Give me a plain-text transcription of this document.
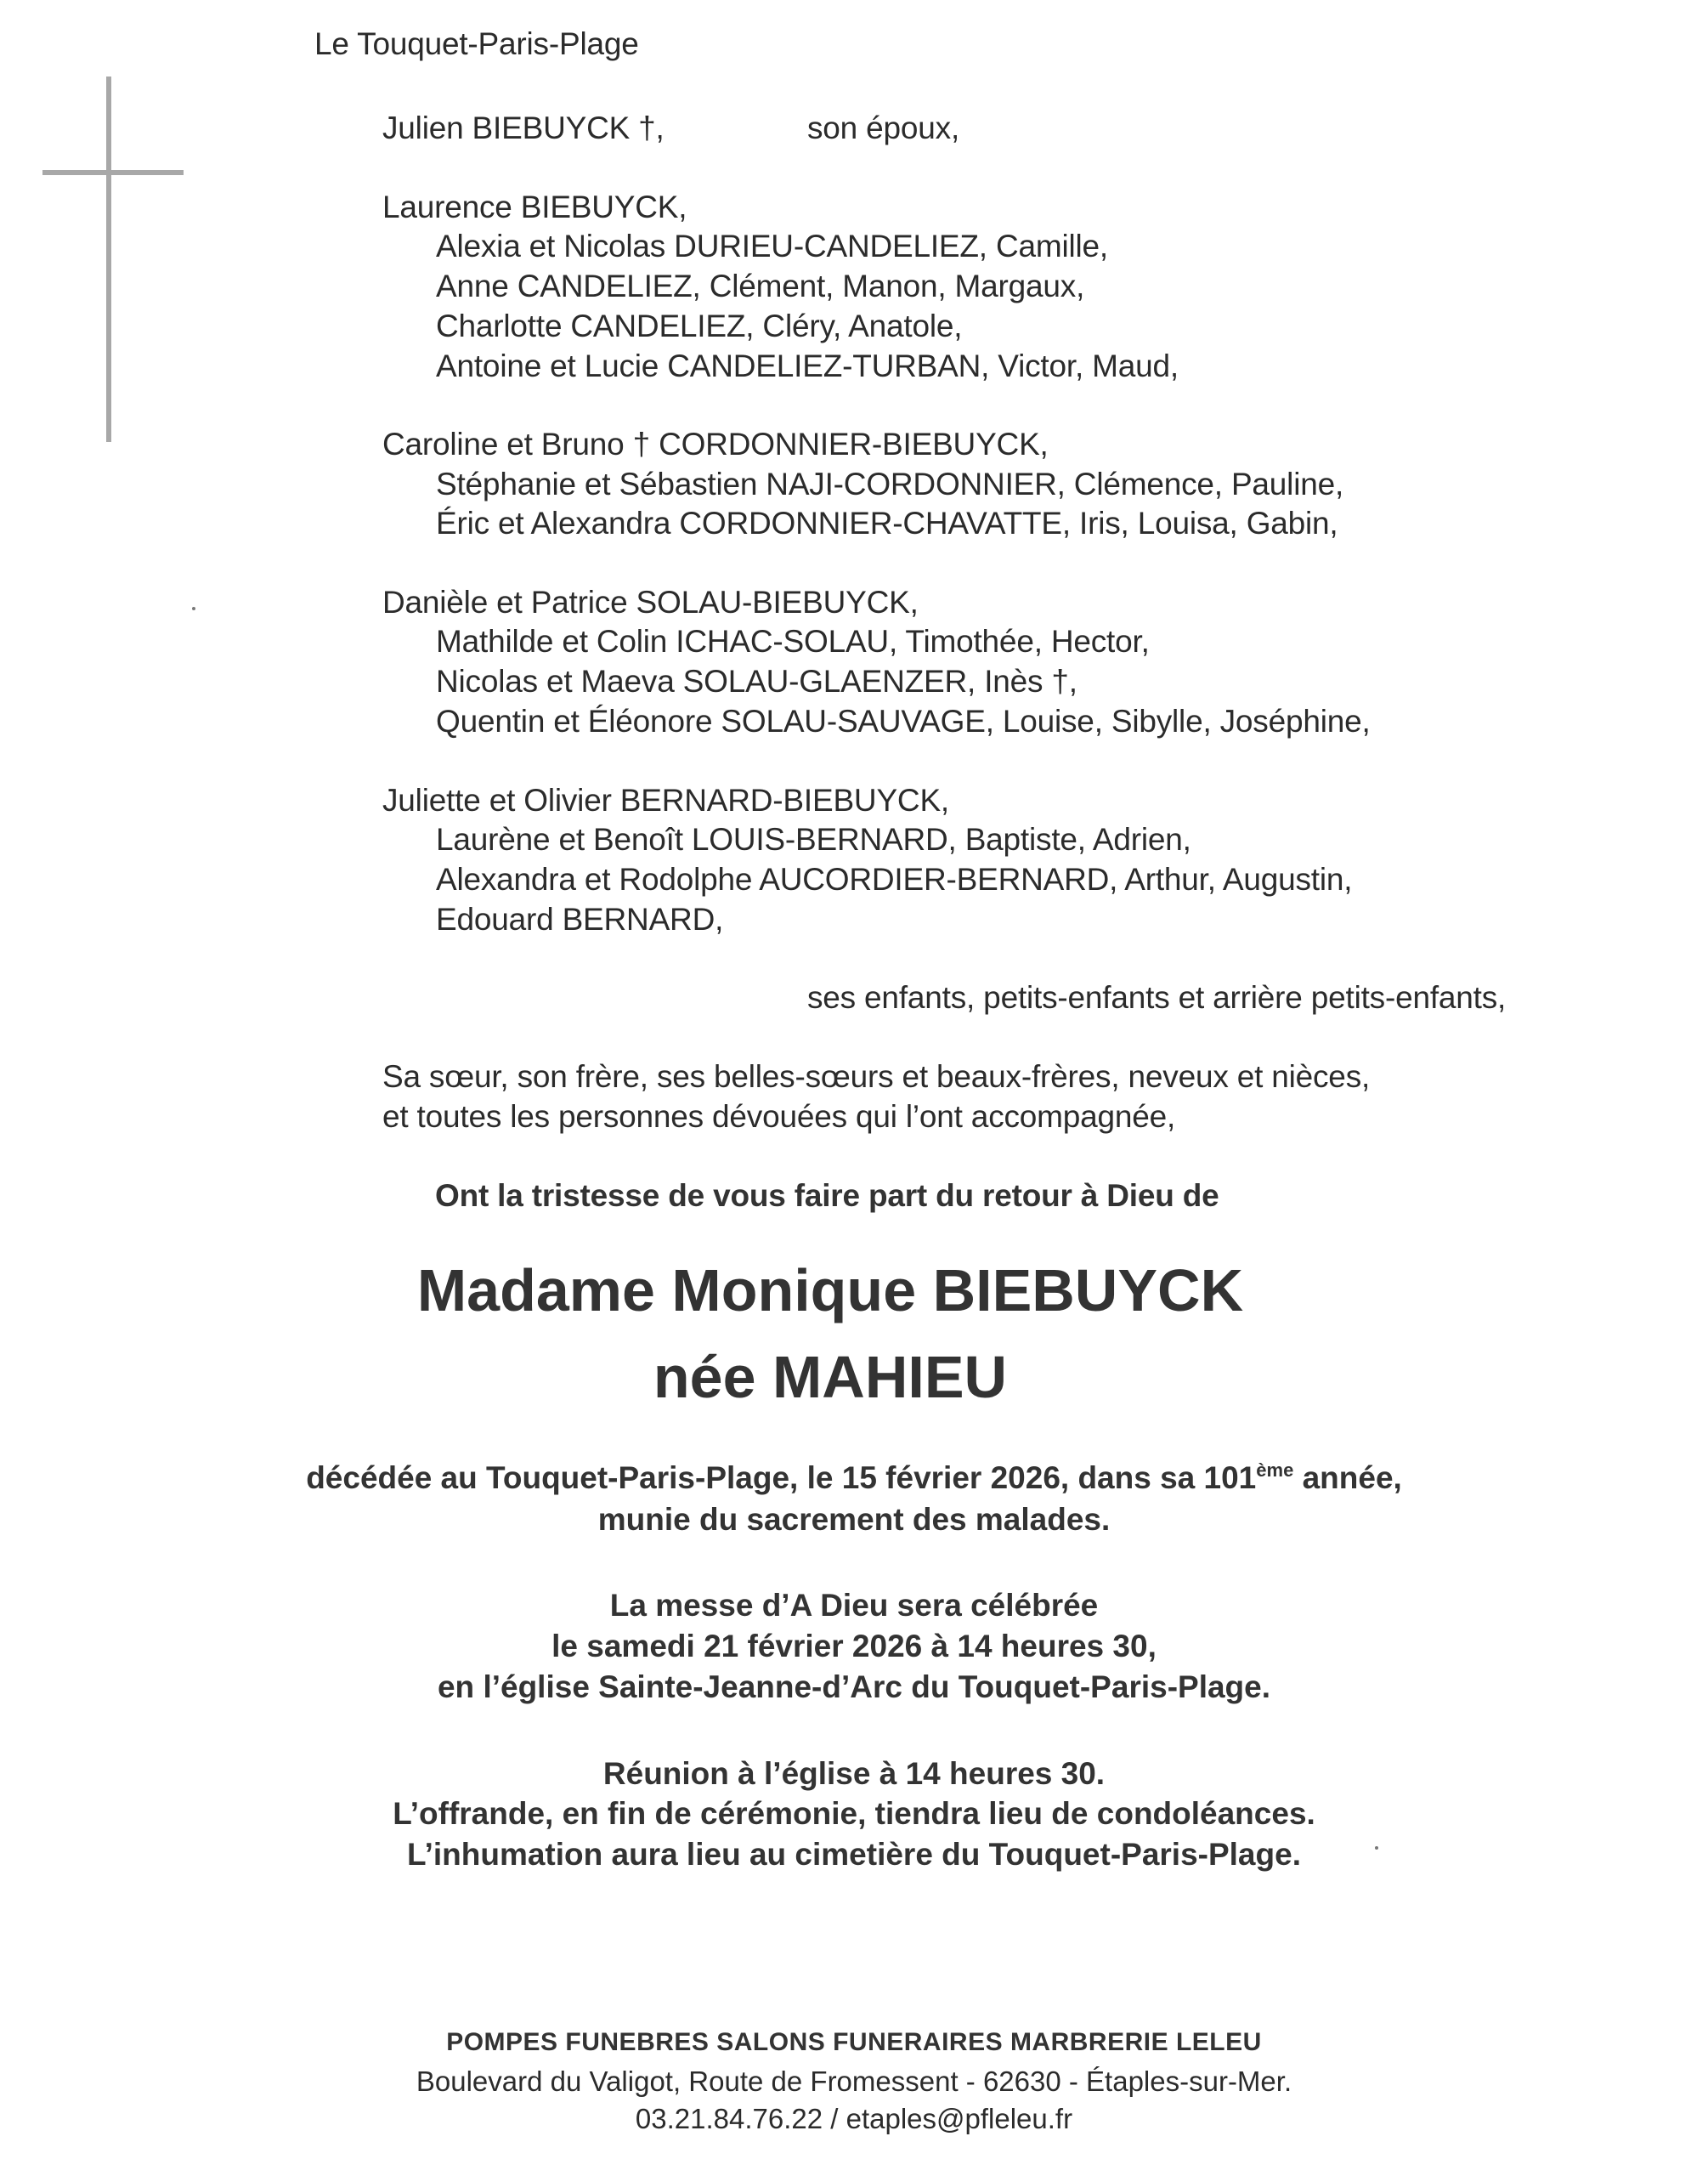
Le Touquet-Paris-Plage
Julien BIEBUYCK †,	son époux,
Laurence BIEBUYCK,
Alexia et Nicolas DURIEU-CANDELIEZ, Camille,
Anne CANDELIEZ, Clément, Manon, Margaux,
Charlotte CANDELIEZ, Cléry, Anatole,
Antoine et Lucie CANDELIEZ-TURBAN, Victor, Maud,
Caroline et Bruno † CORDONNIER-BIEBUYCK,
Stéphanie et Sébastien NAJI-CORDONNIER, Clémence, Pauline,
Éric et Alexandra CORDONNIER-CHAVATTE, Iris, Louisa, Gabin,
Danièle et Patrice SOLAU-BIEBUYCK,
Mathilde et Colin ICHAC-SOLAU, Timothée, Hector,
Nicolas et Maeva SOLAU-GLAENZER, Inès †,
Quentin et Éléonore SOLAU-SAUVAGE, Louise, Sibylle, Joséphine,
Juliette et Olivier BERNARD-BIEBUYCK,
Laurène et Benoît LOUIS-BERNARD, Baptiste, Adrien,
Alexandra et Rodolphe AUCORDIER-BERNARD, Arthur, Augustin,
Edouard BERNARD,
ses enfants, petits-enfants et arrière petits-enfants,
Sa sœur, son frère, ses belles-sœurs et beaux-frères, neveux et nièces,
et toutes les personnes dévouées qui l’ont accompagnée,
Ont la tristesse de vous faire part du retour à Dieu de
Madame Monique BIEBUYCK
née MAHIEU
décédée au Touquet-Paris-Plage, le 15 février 2026, dans sa 101ème année,
munie du sacrement des malades.
La messe d’A Dieu sera célébrée
le samedi 21 février 2026 à 14 heures 30,
en l’église Sainte-Jeanne-d’Arc du Touquet-Paris-Plage.
Réunion à l’église à 14 heures 30.
L’offrande, en fin de cérémonie, tiendra lieu de condoléances.
L’inhumation aura lieu au cimetière du Touquet-Paris-Plage.
POMPES FUNEBRES SALONS FUNERAIRES MARBRERIE LELEU
Boulevard du Valigot, Route de Fromessent - 62630 - Étaples-sur-Mer.
03.21.84.76.22 / etaples@pfleleu.fr
